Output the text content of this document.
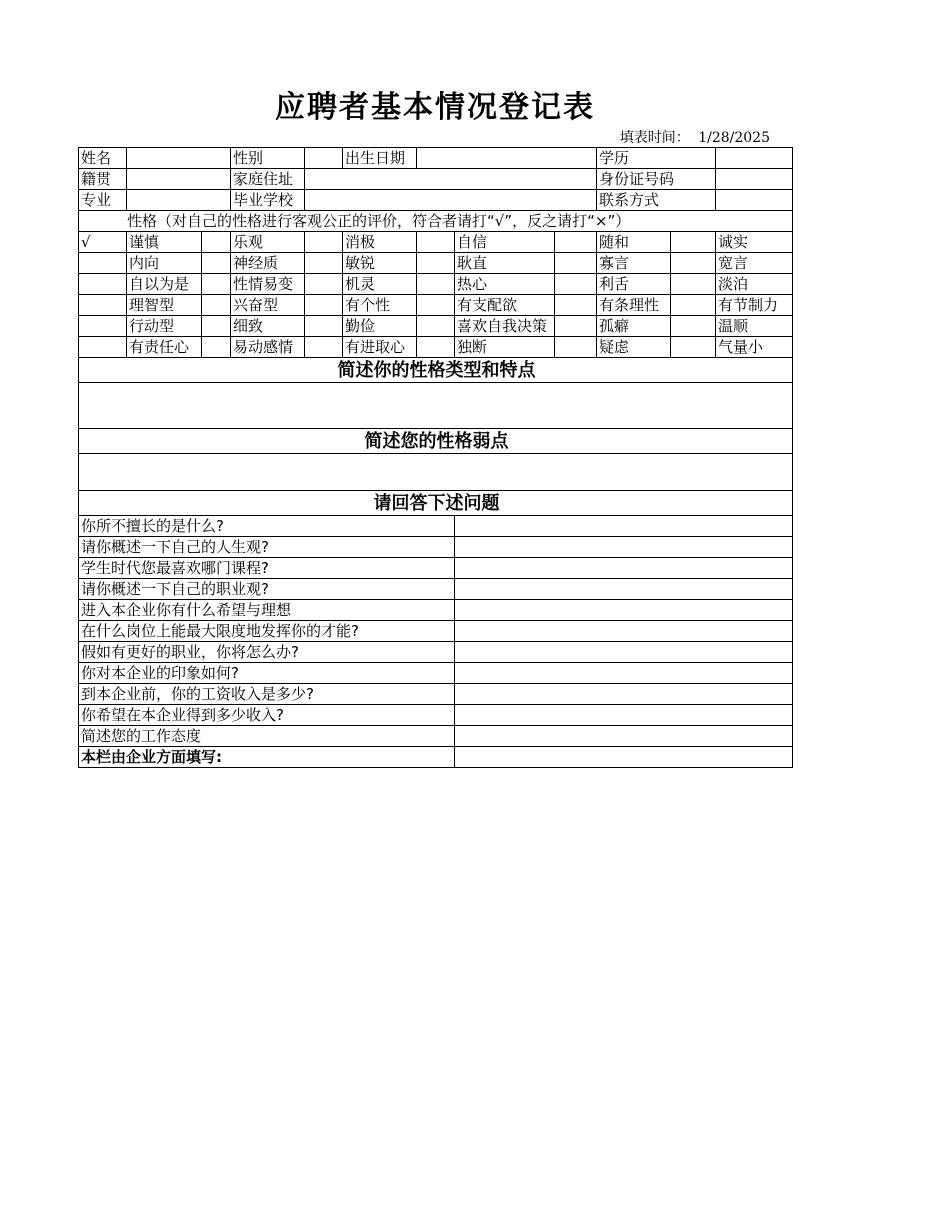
应聘者基本情况登记表
填表时间： 1/28/2025
姓名			性别		出生日期				学历		
籍贯			家庭住址						身份证号码		
专业			毕业学校						联系方式		
性格（对自己的性格进行客观公正的评价，符合者请打“√”，反之请打“×”）											
√	谨慎		乐观		消极		自信		随和		诚实
	内向		神经质		敏锐		耿直		寡言		宽言
	自以为是		性情易变		机灵		热心		利舌		淡泊
	理智型		兴奋型		有个性		有支配欲		有条理性		有节制力
	行动型		细致		勤俭		喜欢自我决策		孤癖		温顺
	有责任心		易动感情		有进取心		独断		疑虑		气量小
简述你的性格类型和特点											

简述您的性格弱点											

请回答下述问题											
你所不擅长的是什么?											
请你概述一下自己的人生观?											
学生时代您最喜欢哪门课程?											
请你概述一下自己的职业观?											
进入本企业你有什么希望与理想											
在什么岗位上能最大限度地发挥你的才能?											
假如有更好的职业，你将怎么办?											
你对本企业的印象如何?											
到本企业前，你的工资收入是多少?											
你希望在本企业得到多少收入?											
简述您的工作态度											
本栏由企业方面填写:											
